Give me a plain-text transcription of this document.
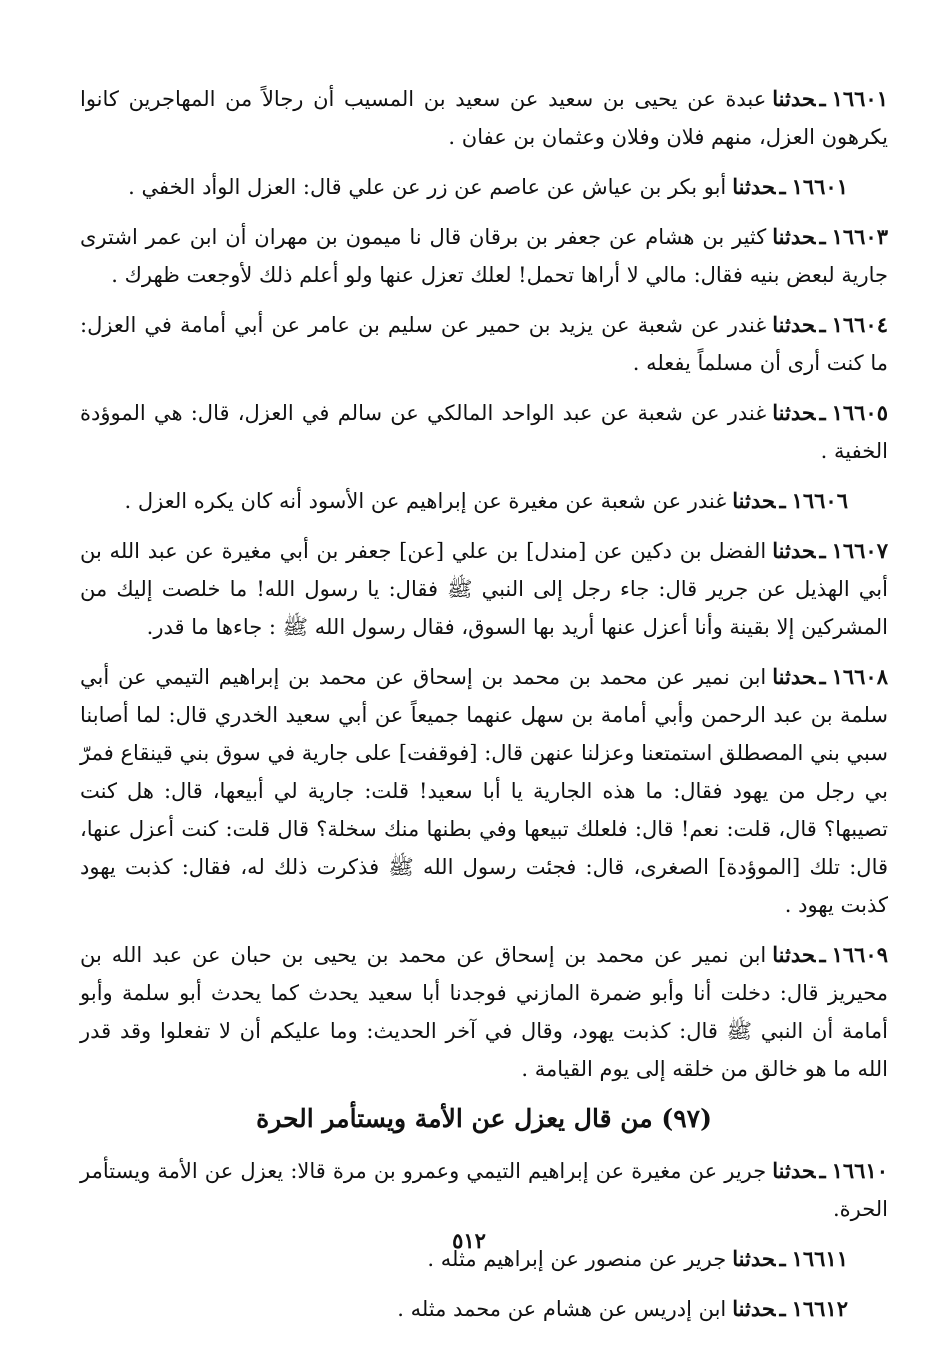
١٦٦٠١ـحدثناعبدة عن يحيى بن سعيد عن سعيد بن المسيب أن رجالاً من المهاجرين كانوا يكرهون العزل، منهم فلان وفلان وعثمان بن عفان .

١٦٦٠١ـحدثناأبو بكر بن عياش عن عاصم عن زر عن علي قال: العزل الوأد الخفي .

١٦٦٠٣ـحدثناكثير بن هشام عن جعفر بن برقان قال نا ميمون بن مهران أن ابن عمر اشترى جارية لبعض بنيه فقال: مالي لا أراها تحمل! لعلك تعزل عنها ولو أعلم ذلك لأوجعت ظهرك .

١٦٦٠٤ـحدثناغندر عن شعبة عن يزيد بن حمير عن سليم بن عامر عن أبي أمامة في العزل: ما كنت أرى أن مسلماً يفعله .

١٦٦٠٥ـحدثناغندر عن شعبة عن عبد الواحد المالكي عن سالم في العزل، قال: هي الموؤدة الخفية .

١٦٦٠٦ـحدثناغندر عن شعبة عن مغيرة عن إبراهيم عن الأسود أنه كان يكره العزل .

١٦٦٠٧ـحدثناالفضل بن دكين عن [مندل] بن علي [عن] جعفر بن أبي مغيرة عن عبد الله بن أبي الهذيل عن جرير قال: جاء رجل إلى النبي ﷺ فقال: يا رسول الله! ما خلصت إليك من المشركين إلا بقينة وأنا أعزل عنها أريد بها السوق، فقال رسول الله ﷺ : جاءها ما قدر.

١٦٦٠٨ـحدثناابن نمير عن محمد بن محمد بن إسحاق عن محمد بن إبراهيم التيمي عن أبي سلمة بن عبد الرحمن وأبي أمامة بن سهل عنهما جميعاً عن أبي سعيد الخدري قال: لما أصابنا سبي بني المصطلق استمتعنا وعزلنا عنهن قال: [فوقفت] على جارية في سوق بني قينقاع فمرّ بي رجل من يهود فقال: ما هذه الجارية يا أبا سعيد! قلت: جارية لي أبيعها، قال: هل كنت تصيبها؟ قال، قلت: نعم! قال: فلعلك تبيعها وفي بطنها منك سخلة؟ قال قلت: كنت أعزل عنها، قال: تلك [الموؤدة] الصغرى، قال: فجئت رسول الله ﷺ فذكرت ذلك له، فقال: كذبت يهود كذبت يهود .

١٦٦٠٩ـحدثناابن نمير عن محمد بن إسحاق عن محمد بن يحيى بن حبان عن عبد الله بن محيريز قال: دخلت أنا وأبو ضمرة المازني فوجدنا أبا سعيد يحدث كما يحدث أبو سلمة وأبو أمامة أن النبي ﷺ قال: كذبت يهود، وقال في آخر الحديث: وما عليكم أن لا تفعلوا وقد قدر الله ما هو خالق من خلقه إلى يوم القيامة .

(٩٧) من قال يعزل عن الأمة ويستأمر الحرة

١٦٦١٠ـحدثناجرير عن مغيرة عن إبراهيم التيمي وعمرو بن مرة قالا: يعزل عن الأمة ويستأمر الحرة.

١٦٦١١ـحدثناجرير عن منصور عن إبراهيم مثله .

١٦٦١٢ـحدثناابن إدريس عن هشام عن محمد مثله .

٥١٢
